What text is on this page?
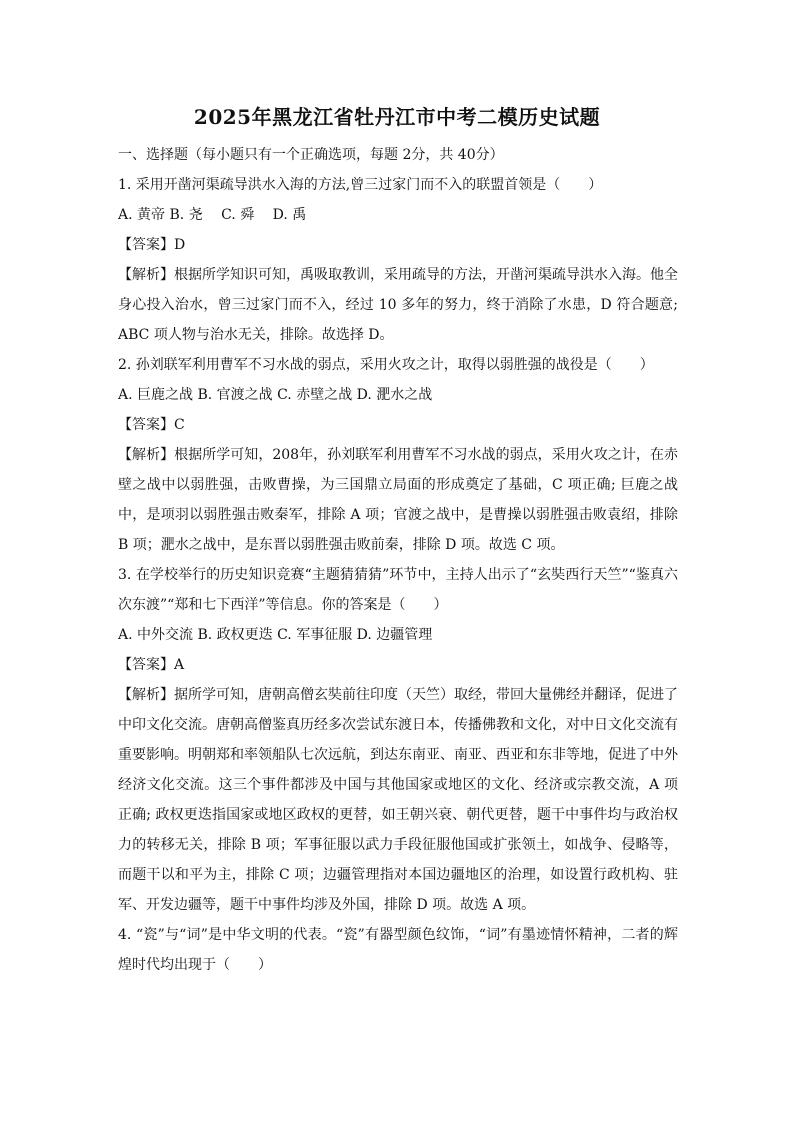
2025年黑龙江省牡丹江市中考二模历史试题

一、选择题（每小题只有一个正确选项，每题 2分，共 40分）

1. 采用开凿河渠疏导洪水入海的方法,曾三过家门而不入的联盟首领是（　　）

A. 黄帝 B. 尧　 C. 舜　 D. 禹

【答案】D

【解析】根据所学知识可知，禹吸取教训，采用疏导的方法，开凿河渠疏导洪水入海。他全身心投入治水，曾三过家门而不入，经过 10 多年的努力，终于消除了水患，D 符合题意; ABC 项人物与治水无关，排除。故选择 D。

2. 孙刘联军利用曹军不习水战的弱点，采用火攻之计，取得以弱胜强的战役是（　　）

A. 巨鹿之战 B. 官渡之战 C. 赤壁之战 D. 淝水之战

【答案】C

【解析】根据所学可知，208年，孙刘联军利用曹军不习水战的弱点，采用火攻之计，在赤壁之战中以弱胜强，击败曹操，为三国鼎立局面的形成奠定了基础，C 项正确; 巨鹿之战中，是项羽以弱胜强击败秦军，排除 A 项；官渡之战中，是曹操以弱胜强击败袁绍，排除 B 项；淝水之战中，是东晋以弱胜强击败前秦，排除 D 项。故选 C 项。

3. 在学校举行的历史知识竞赛“主题猜猜猜”环节中，主持人出示了“玄奘西行天竺”“鉴真六次东渡”“郑和七下西洋”等信息。你的答案是（　　）

A. 中外交流 B. 政权更迭 C. 军事征服 D. 边疆管理

【答案】A

【解析】据所学可知，唐朝高僧玄奘前往印度（天竺）取经，带回大量佛经并翻译，促进了中印文化交流。唐朝高僧鉴真历经多次尝试东渡日本，传播佛教和文化，对中日文化交流有重要影响。明朝郑和率领船队七次远航，到达东南亚、南亚、西亚和东非等地，促进了中外经济文化交流。这三个事件都涉及中国与其他国家或地区的文化、经济或宗教交流，A 项正确; 政权更迭指国家或地区政权的更替，如王朝兴衰、朝代更替，题干中事件均与政治权力的转移无关，排除 B 项；军事征服以武力手段征服他国或扩张领土，如战争、侵略等，而题干以和平为主，排除 C 项；边疆管理指对本国边疆地区的治理，如设置行政机构、驻军、开发边疆等，题干中事件均涉及外国，排除 D 项。故选 A 项。

4. “瓷”与“词”是中华文明的代表。“瓷”有器型颜色纹饰，“词”有墨迹情怀精神，二者的辉煌时代均出现于（　　）
